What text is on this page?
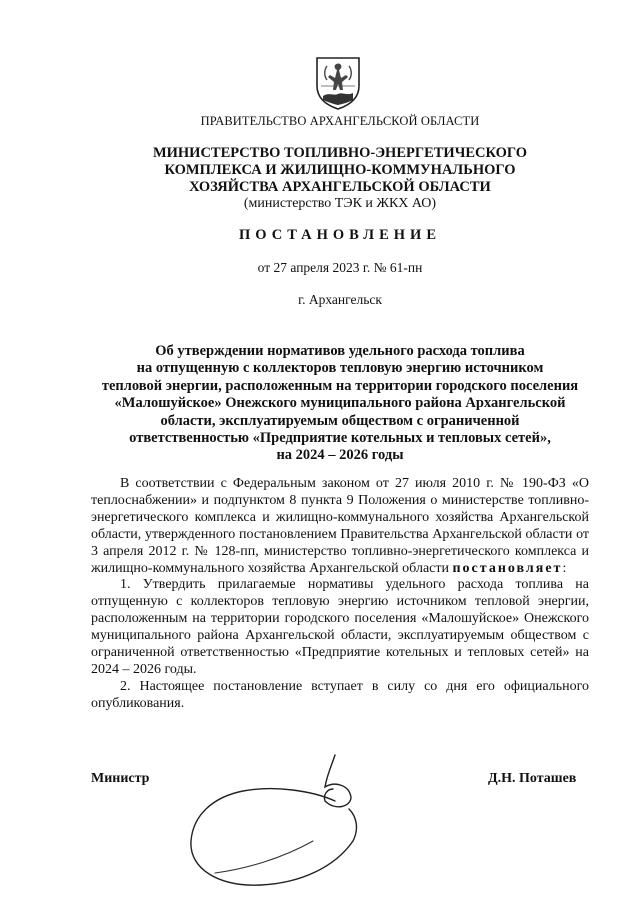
ПРАВИТЕЛЬСТВО АРХАНГЕЛЬСКОЙ ОБЛАСТИ
МИНИСТЕРСТВО ТОПЛИВНО-ЭНЕРГЕТИЧЕСКОГО
КОМПЛЕКСА И ЖИЛИЩНО-КОММУНАЛЬНОГО
ХОЗЯЙСТВА АРХАНГЕЛЬСКОЙ ОБЛАСТИ
(министерство ТЭК и ЖКХ АО)
ПОСТАНОВЛЕНИЕ
от 27 апреля 2023 г. № 61-пн
г. Архангельск
Об утверждении нормативов удельного расхода топлива
на отпущенную с коллекторов тепловую энергию источником
тепловой энергии, расположенным на территории городского поселения
«Малошуйское» Онежского муниципального района Архангельской
области, эксплуатируемым обществом с ограниченной
ответственностью «Предприятие котельных и тепловых сетей»,
на 2024 – 2026 годы

В соответствии с Федеральным законом от 27 июля 2010 г. № 190-ФЗ «О теплоснабжении» и подпунктом 8 пункта 9 Положения о министерстве топливно-энергетического комплекса и жилищно-коммунального хозяйства Архангельской области, утвержденного постановлением Правительства Архангельской области от 3 апреля 2012 г. № 128-пп, министерство топливно-энергетического комплекса и жилищно-коммунального хозяйства Архангельской области постановляет:

1. Утвердить прилагаемые нормативы удельного расхода топлива на отпущенную с коллекторов тепловую энергию источником тепловой энергии, расположенным на территории городского поселения «Малошуйское» Онежского муниципального района Архангельской области, эксплуатируемым обществом с ограниченной ответственностью «Предприятие котельных и тепловых сетей» на 2024 – 2026 годы.

2. Настоящее постановление вступает в силу со дня его официального опубликования.

Министр	Д.Н. Поташев
